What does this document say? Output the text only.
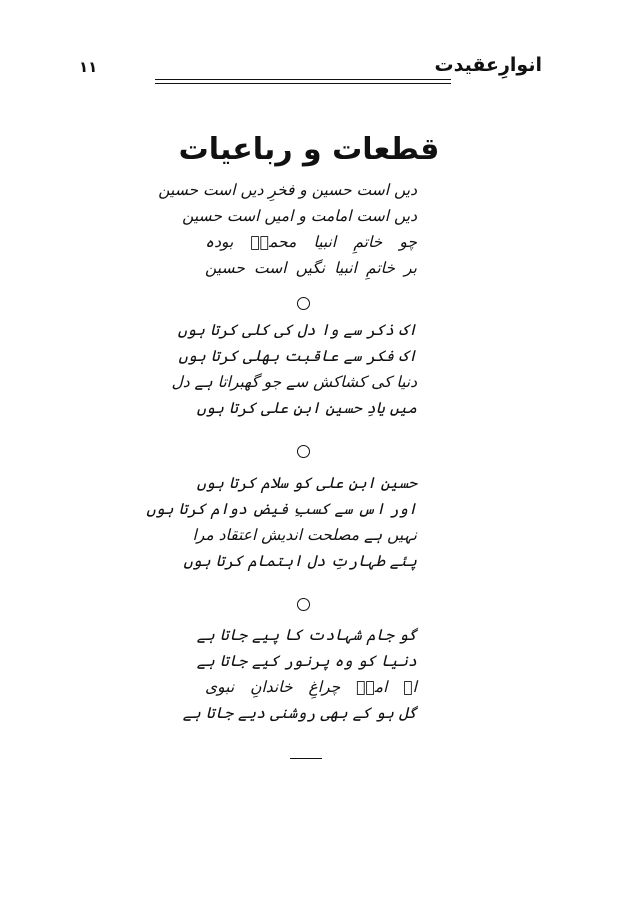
انوارِعقیدت
۱۱
قطعات و رباعیات
دیں است حسین و فخرِ دیں است حسین
دیں است امامت و امیں است حسین
چو خاتمِ انبیا محمدؐ بودہ
بر خاتمِ انبیا نگیں است حسین
اک ذکر سے وا دل کی کلی کرتا ہوں
اک فکر سے عاقبت بھلی کرتا ہوں
دنیا کی کشاکش سے جو گھبراتا ہے دل
میں یادِ حسین ابنِ علی کرتا ہوں
حسین ابنِ علی کو سلام کرتا ہوں
اور اس سے کسبِ فیض دوام کرتا ہوں
نہیں ہے مصلحت اندیش اعتقاد مرا
پئے طہارتِ دل اہتمام کرتا ہوں
گو جام شہادت کا پیے جاتا ہے
دنیا کو وہ پرنور کیے جاتا ہے
اے امنؔ چراغِ خاندانِ نبوی
گل ہو کے بھی روشنی دیے جاتا ہے
